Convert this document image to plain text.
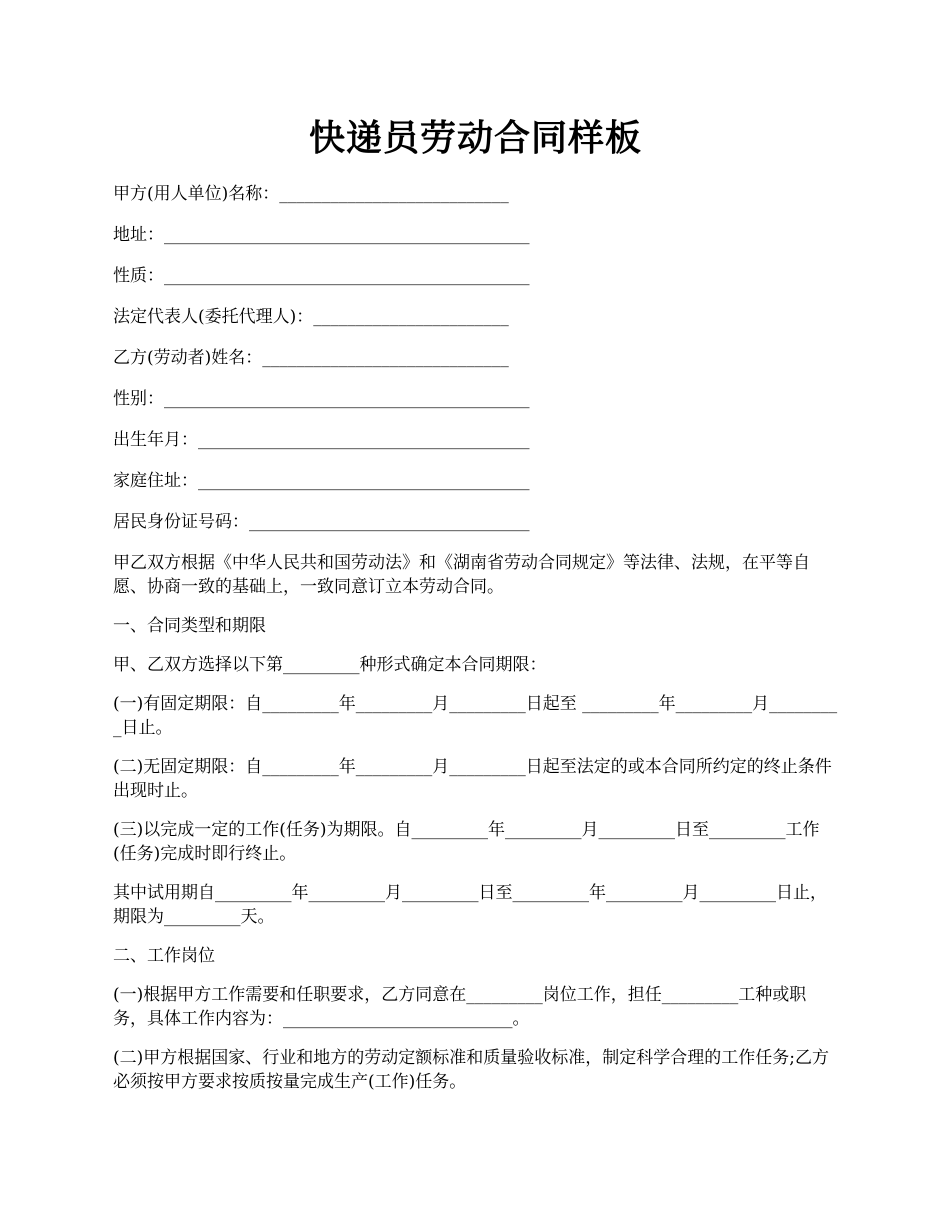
快递员劳动合同样板

甲方(用人单位)名称：___________________________

地址：___________________________________________

性质：___________________________________________

法定代表人(委托代理人)：_______________________

乙方(劳动者)姓名：_____________________________

性别：___________________________________________

出生年月：_______________________________________

家庭住址：_______________________________________

居民身份证号码：_________________________________

甲乙双方根据《中华人民共和国劳动法》和《湖南省劳动合同规定》等法律、法规，在平等自愿、协商一致的基础上，一致同意订立本劳动合同。

一、合同类型和期限

甲、乙双方选择以下第_________种形式确定本合同期限：

(一)有固定期限：自_________年_________月_________日起至 _________年_________月_________日止。

(二)无固定期限：自_________年_________月_________日起至法定的或本合同所约定的终止条件出现时止。

(三)以完成一定的工作(任务)为期限。自_________年_________月_________日至_________工作(任务)完成时即行终止。

其中试用期自_________年_________月_________日至_________年_________月_________日止，期限为_________天。

二、工作岗位

(一)根据甲方工作需要和任职要求，乙方同意在_________岗位工作，担任_________工种或职务，具体工作内容为：___________________________。

(二)甲方根据国家、行业和地方的劳动定额标准和质量验收标准，制定科学合理的工作任务;乙方必须按甲方要求按质按量完成生产(工作)任务。
